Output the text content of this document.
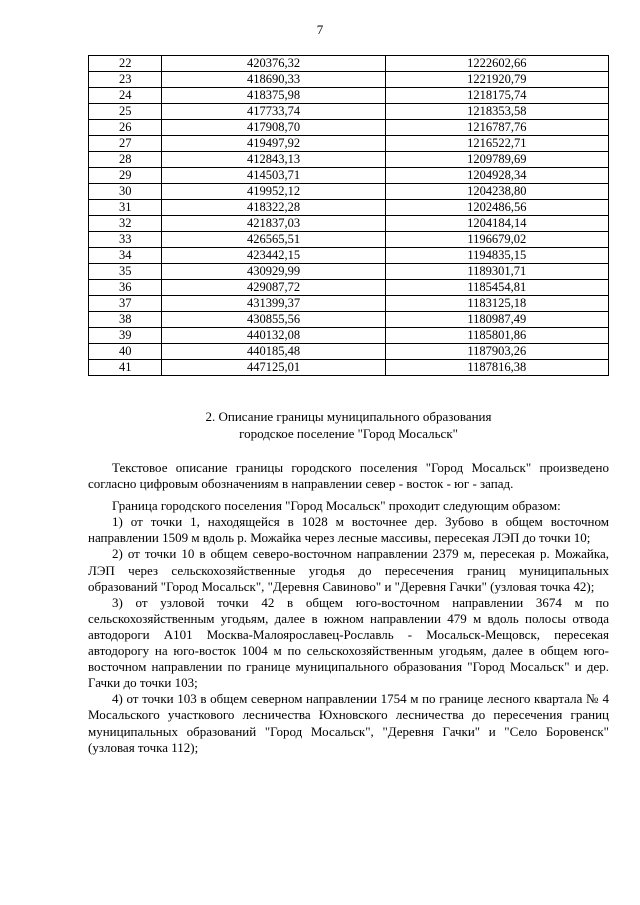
7
22	420376,32	1222602,66
23	418690,33	1221920,79
24	418375,98	1218175,74
25	417733,74	1218353,58
26	417908,70	1216787,76
27	419497,92	1216522,71
28	412843,13	1209789,69
29	414503,71	1204928,34
30	419952,12	1204238,80
31	418322,28	1202486,56
32	421837,03	1204184,14
33	426565,51	1196679,02
34	423442,15	1194835,15
35	430929,99	1189301,71
36	429087,72	1185454,81
37	431399,37	1183125,18
38	430855,56	1180987,49
39	440132,08	1185801,86
40	440185,48	1187903,26
41	447125,01	1187816,38
2. Описание границы муниципального образования
городское поселение "Город Мосальск"

Текстовое описание границы городского поселения "Город Мосальск" произведено согласно цифровым обозначениям в направлении север - восток - юг - запад.

Граница городского поселения "Город Мосальск" проходит следующим образом:

1) от точки 1, находящейся в 1028 м восточнее дер. Зубово в общем восточном направлении 1509 м вдоль р. Можайка через лесные массивы, пересекая ЛЭП до точки 10;

2) от точки 10 в общем северо-восточном направлении 2379 м, пересекая р. Можайка, ЛЭП через сельскохозяйственные угодья до пересечения границ муниципальных образований "Город Мосальск", "Деревня Савиново" и "Деревня Гачки" (узловая точка 42);

3) от узловой точки 42 в общем юго-восточном направлении 3674 м по сельскохозяйственным угодьям, далее в южном направлении 479 м вдоль полосы отвода автодороги А101 Москва-Малоярославец-Рославль - Мосальск-Мещовск, пересекая автодорогу на юго-восток 1004 м по сельскохозяйственным угодьям, далее в общем юго-восточном направлении по границе муниципального образования "Город Мосальск" и дер. Гачки до точки 103;

4) от точки 103 в общем северном направлении 1754 м по границе лесного квартала № 4 Мосальского участкового лесничества Юхновского лесничества до пересечения границ муниципальных образований "Город Мосальск", "Деревня Гачки" и "Село Боровенск" (узловая точка 112);
